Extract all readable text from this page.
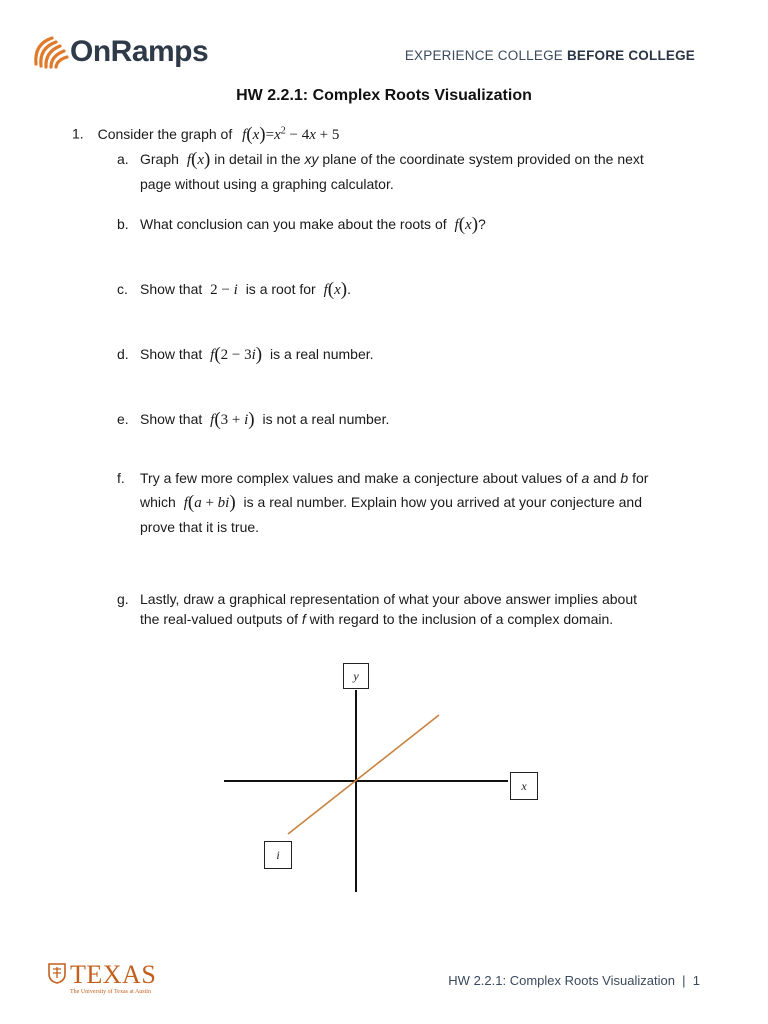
OnRamps	EXPERIENCE COLLEGE BEFORE COLLEGE
HW 2.2.1: Complex Roots Visualization
1. Consider the graph of $f(x)=x^2 - 4x + 5$
a. Graph f(x) in detail in the xy plane of the coordinate system provided on the next
page without using a graphing calculator.
b. What conclusion can you make about the roots of f(x)?
c. Show that 2 − i is a root for f(x).
d. Show that f(2 − 3i) is a real number.
e. Show that f(3 + i) is not a real number.
f.	Try a few more complex values and make a conjecture about values of a and b for
which f(a + bi) is a real number. Explain how you arrived at your conjecture and
prove that it is true.
g. Lastly, draw a graphical representation of what your above answer implies about
the real-valued outputs of f with regard to the inclusion of a complex domain.
y
x
i
TEXAS
The University of Texas at Austin
HW 2.2.1: Complex Roots Visualization  |  1
